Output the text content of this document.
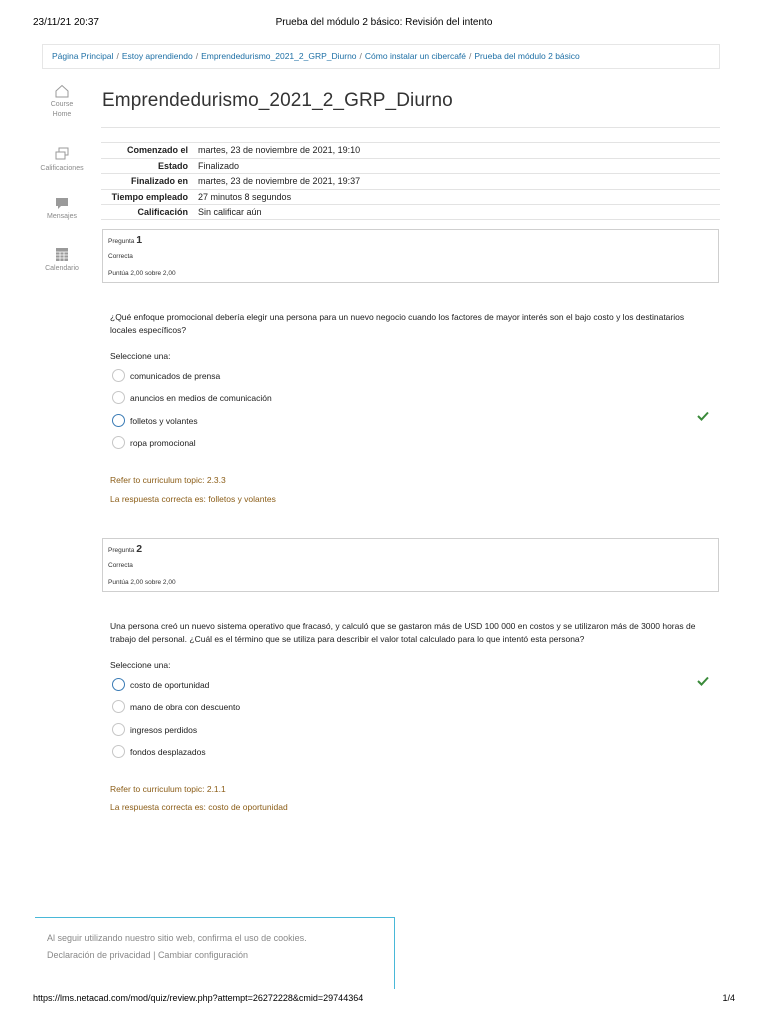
23/11/21 20:37	Prueba del módulo 2 básico: Revisión del intento
Página Principal / Estoy aprendiendo / Emprendedurismo_2021_2_GRP_Diurno / Cómo instalar un cibercafé / Prueba del módulo 2 básico
Course
Home
Calificaciones
Mensajes
Calendario
Emprendedurismo_2021_2_GRP_Diurno
Comenzado el martes, 23 de noviembre de 2021, 19:10
Estado Finalizado
Finalizado en martes, 23 de noviembre de 2021, 19:37
Tiempo empleado 27 minutos 8 segundos
Calificación Sin calificar aún
Pregunta 1
Correcta
Puntúa 2,00 sobre 2,00
¿Qué enfoque promocional debería elegir una persona para un nuevo negocio cuando los factores de mayor interés son el bajo costo y los destinatarios locales específicos?
Seleccione una:
comunicados de prensa
anuncios en medios de comunicación
folletos y volantes
ropa promocional
Refer to curriculum topic: 2.3.3
La respuesta correcta es: folletos y volantes
Pregunta 2
Correcta
Puntúa 2,00 sobre 2,00
Una persona creó un nuevo sistema operativo que fracasó, y calculó que se gastaron más de USD 100 000 en costos y se utilizaron más de 3000 horas de trabajo del personal. ¿Cuál es el término que se utiliza para describir el valor total calculado para lo que intentó esta persona?
Seleccione una:
costo de oportunidad
mano de obra con descuento
ingresos perdidos
fondos desplazados
Refer to curriculum topic: 2.1.1
La respuesta correcta es: costo de oportunidad
Al seguir utilizando nuestro sitio web, confirma el uso de cookies.
Declaración de privacidad | Cambiar configuración
https://lms.netacad.com/mod/quiz/review.php?attempt=26272228&cmid=29744364	1/4
